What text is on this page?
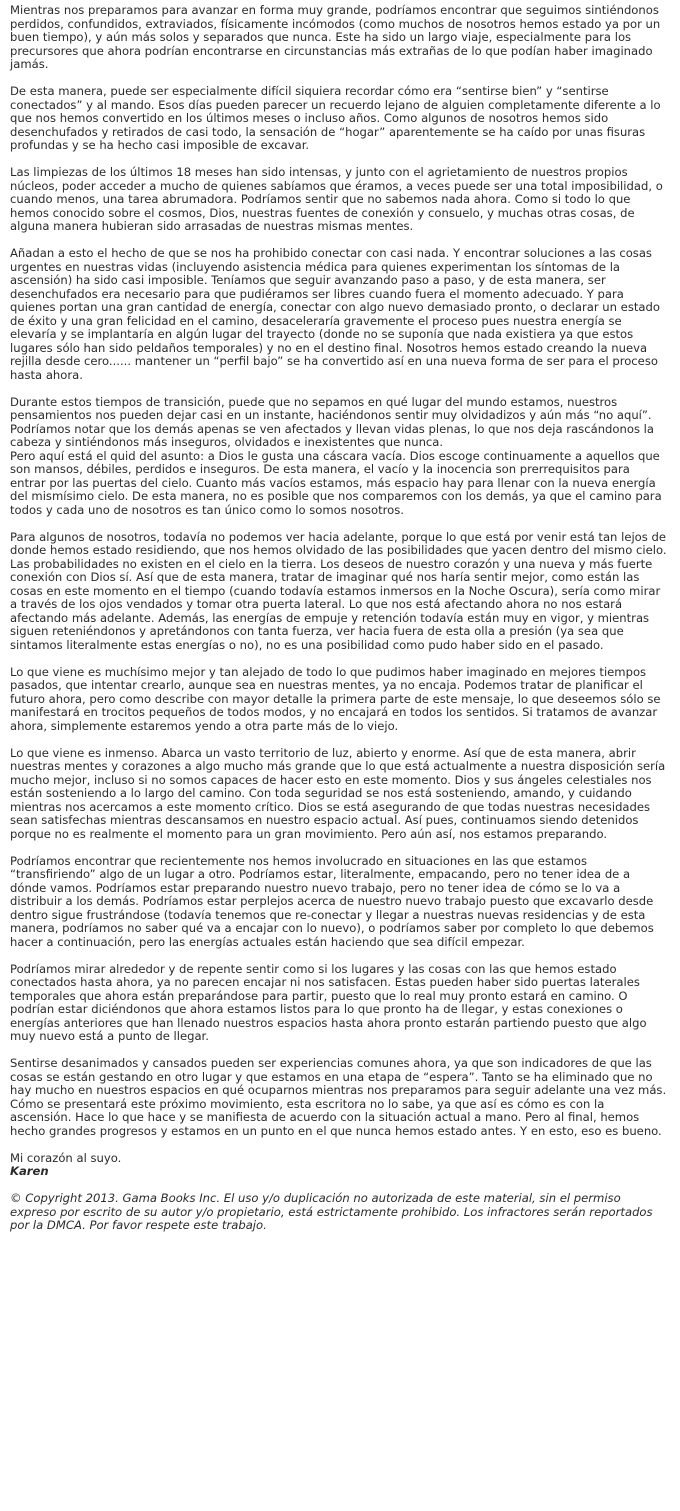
Mientras nos preparamos para avanzar en forma muy grande, podríamos encontrar que seguimos sintiéndonos perdidos, confundidos, extraviados, físicamente incómodos (como muchos de nosotros hemos estado ya por un buen tiempo), y aún más solos y separados que nunca. Este ha sido un largo viaje, especialmente para los precursores que ahora podrían encontrarse en circunstancias más extrañas de lo que podían haber imaginado jamás.

De esta manera, puede ser especialmente difícil siquiera recordar cómo era “sentirse bien” y “sentirse conectados” y al mando. Esos días pueden parecer un recuerdo lejano de alguien completamente diferente a lo que nos hemos convertido en los últimos meses o incluso años. Como algunos de nosotros hemos sido desenchufados y retirados de casi todo, la sensación de “hogar” aparentemente se ha caído por unas fisuras profundas y se ha hecho casi imposible de excavar.

Las limpiezas de los últimos 18 meses han sido intensas, y junto con el agrietamiento de nuestros propios núcleos, poder acceder a mucho de quienes sabíamos que éramos, a veces puede ser una total imposibilidad, o cuando menos, una tarea abrumadora. Podríamos sentir que no sabemos nada ahora. Como si todo lo que hemos conocido sobre el cosmos, Dios, nuestras fuentes de conexión y consuelo, y muchas otras cosas, de alguna manera hubieran sido arrasadas de nuestras mismas mentes.

Añadan a esto el hecho de que se nos ha prohibido conectar con casi nada. Y encontrar soluciones a las cosas urgentes en nuestras vidas (incluyendo asistencia médica para quienes experimentan los síntomas de la ascensión) ha sido casi imposible. Teníamos que seguir avanzando paso a paso, y de esta manera, ser desenchufados era necesario para que pudiéramos ser libres cuando fuera el momento adecuado. Y para quienes portan una gran cantidad de energía, conectar con algo nuevo demasiado pronto, o declarar un estado de éxito y una gran felicidad en el camino, desaceleraría gravemente el proceso pues nuestra energía se elevaría y se implantaría en algún lugar del trayecto (donde no se suponía que nada existiera ya que estos lugares sólo han sido peldaños temporales) y no en el destino final. Nosotros hemos estado creando la nueva rejilla desde cero...... mantener un “perfil bajo” se ha convertido así en una nueva forma de ser para el proceso hasta ahora.

Durante estos tiempos de transición, puede que no sepamos en qué lugar del mundo estamos, nuestros pensamientos nos pueden dejar casi en un instante, haciéndonos sentir muy olvidadizos y aún más “no aquí”. Podríamos notar que los demás apenas se ven afectados y llevan vidas plenas, lo que nos deja rascándonos la cabeza y sintiéndonos más inseguros, olvidados e inexistentes que nunca.

Pero aquí está el quid del asunto: a Dios le gusta una cáscara vacía. Dios escoge continuamente a aquellos que son mansos, débiles, perdidos e inseguros. De esta manera, el vacío y la inocencia son prerrequisitos para entrar por las puertas del cielo. Cuanto más vacíos estamos, más espacio hay para llenar con la nueva energía del mismísimo cielo. De esta manera, no es posible que nos comparemos con los demás, ya que el camino para todos y cada uno de nosotros es tan único como lo somos nosotros.

Para algunos de nosotros, todavía no podemos ver hacia adelante, porque lo que está por venir está tan lejos de donde hemos estado residiendo, que nos hemos olvidado de las posibilidades que yacen dentro del mismo cielo. Las probabilidades no existen en el cielo en la tierra. Los deseos de nuestro corazón y una nueva y más fuerte conexión con Dios sí. Así que de esta manera, tratar de imaginar qué nos haría sentir mejor, como están las cosas en este momento en el tiempo (cuando todavía estamos inmersos en la Noche Oscura), sería como mirar a través de los ojos vendados y tomar otra puerta lateral. Lo que nos está afectando ahora no nos estará afectando más adelante. Además, las energías de empuje y retención todavía están muy en vigor, y mientras siguen reteniéndonos y apretándonos con tanta fuerza, ver hacia fuera de esta olla a presión (ya sea que sintamos literalmente estas energías o no), no es una posibilidad como pudo haber sido en el pasado.

Lo que viene es muchísimo mejor y tan alejado de todo lo que pudimos haber imaginado en mejores tiempos pasados, que intentar crearlo, aunque sea en nuestras mentes, ya no encaja. Podemos tratar de planificar el futuro ahora, pero como describe con mayor detalle la primera parte de este mensaje, lo que deseemos sólo se manifestará en trocitos pequeños de todos modos, y no encajará en todos los sentidos. Si tratamos de avanzar ahora, simplemente estaremos yendo a otra parte más de lo viejo.

Lo que viene es inmenso. Abarca un vasto territorio de luz, abierto y enorme. Así que de esta manera, abrir nuestras mentes y corazones a algo mucho más grande que lo que está actualmente a nuestra disposición sería mucho mejor, incluso si no somos capaces de hacer esto en este momento. Dios y sus ángeles celestiales nos están sosteniendo a lo largo del camino. Con toda seguridad se nos está sosteniendo, amando, y cuidando mientras nos acercamos a este momento crítico. Dios se está asegurando de que todas nuestras necesidades sean satisfechas mientras descansamos en nuestro espacio actual. Así pues, continuamos siendo detenidos porque no es realmente el momento para un gran movimiento. Pero aún así, nos estamos preparando.

Podríamos encontrar que recientemente nos hemos involucrado en situaciones en las que estamos “transfiriendo” algo de un lugar a otro. Podríamos estar, literalmente, empacando, pero no tener idea de a dónde vamos. Podríamos estar preparando nuestro nuevo trabajo, pero no tener idea de cómo se lo va a distribuir a los demás. Podríamos estar perplejos acerca de nuestro nuevo trabajo puesto que excavarlo desde dentro sigue frustrándose (todavía tenemos que re-conectar y llegar a nuestras nuevas residencias y de esta manera, podríamos no saber qué va a encajar con lo nuevo), o podríamos saber por completo lo que debemos hacer a continuación, pero las energías actuales están haciendo que sea difícil empezar.

Podríamos mirar alrededor y de repente sentir como si los lugares y las cosas con las que hemos estado conectados hasta ahora, ya no parecen encajar ni nos satisfacen. Estas pueden haber sido puertas laterales temporales que ahora están preparándose para partir, puesto que lo real muy pronto estará en camino. O podrían estar diciéndonos que ahora estamos listos para lo que pronto ha de llegar, y estas conexiones o energías anteriores que han llenado nuestros espacios hasta ahora pronto estarán partiendo puesto que algo muy nuevo está a punto de llegar.

Sentirse desanimados y cansados pueden ser experiencias comunes ahora, ya que son indicadores de que las cosas se están gestando en otro lugar y que estamos en una etapa de “espera”. Tanto se ha eliminado que no hay mucho en nuestros espacios en qué ocuparnos mientras nos preparamos para seguir adelante una vez más. Cómo se presentará este próximo movimiento, esta escritora no lo sabe, ya que así es cómo es con la ascensión. Hace lo que hace y se manifiesta de acuerdo con la situación actual a mano. Pero al final, hemos hecho grandes progresos y estamos en un punto en el que nunca hemos estado antes. Y en esto, eso es bueno.

Mi corazón al suyo.
Karen

© Copyright 2013. Gama Books Inc. El uso y/o duplicación no autorizada de este material, sin el permiso expreso por escrito de su autor y/o propietario, está estrictamente prohibido. Los infractores serán reportados por la DMCA. Por favor respete este trabajo.
